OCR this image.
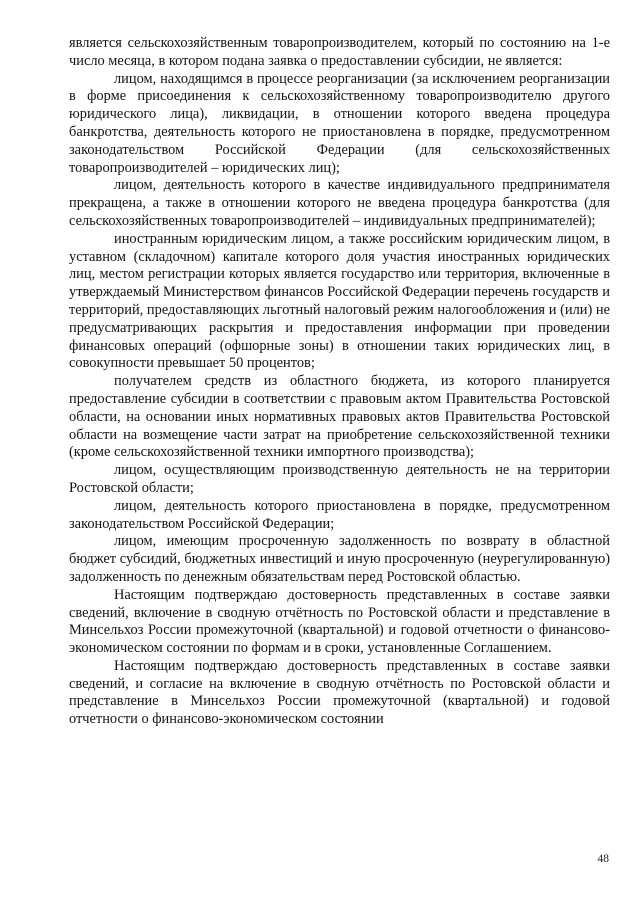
является сельскохозяйственным товаропроизводителем, который по состоянию на 1-е число месяца, в котором подана заявка о предоставлении субсидии, не является:

лицом, находящимся в процессе реорганизации (за исключением реорганизации в форме присоединения к сельскохозяйственному товаропроизводителю другого юридического лица), ликвидации, в отношении которого введена процедура банкротства, деятельность которого не приостановлена в порядке, предусмотренном законодательством Российской Федерации (для сельскохозяйственных товаропроизводителей – юридических лиц);

лицом, деятельность которого в качестве индивидуального предпринимателя прекращена, а также в отношении которого не введена процедура банкротства (для сельскохозяйственных товаропроизводителей – индивидуальных предпринимателей);

иностранным юридическим лицом, а также российским юридическим лицом, в уставном (складочном) капитале которого доля участия иностранных юридических лиц, местом регистрации которых является государство или территория, включенные в утверждаемый Министерством финансов Российской Федерации перечень государств и территорий, предоставляющих льготный налоговый режим налогообложения и (или) не предусматривающих раскрытия и предоставления информации при проведении финансовых операций (офшорные зоны) в отношении таких юридических лиц, в совокупности превышает 50 процентов;

получателем средств из областного бюджета, из которого планируется предоставление субсидии в соответствии с правовым актом Правительства Ростовской области, на основании иных нормативных правовых актов Правительства Ростовской области на возмещение части затрат на приобретение сельскохозяйственной техники (кроме сельскохозяйственной техники импортного производства);

лицом, осуществляющим производственную деятельность не на территории Ростовской области;

лицом, деятельность которого приостановлена в порядке, предусмотренном законодательством Российской Федерации;

лицом, имеющим просроченную задолженность по возврату в областной бюджет субсидий, бюджетных инвестиций и иную просроченную (неурегулированную) задолженность по денежным обязательствам перед Ростовской областью.

Настоящим подтверждаю достоверность представленных в составе заявки сведений, включение в сводную отчётность по Ростовской области и представление в Минсельхоз России промежуточной (квартальной) и годовой отчетности о финансово-экономическом состоянии по формам и в сроки, установленные Соглашением.

Настоящим подтверждаю достоверность представленных в составе заявки сведений, и согласие на включение в сводную отчётность по Ростовской области и представление в Минсельхоз России промежуточной (квартальной) и годовой отчетности о финансово-экономическом состоянии

48
